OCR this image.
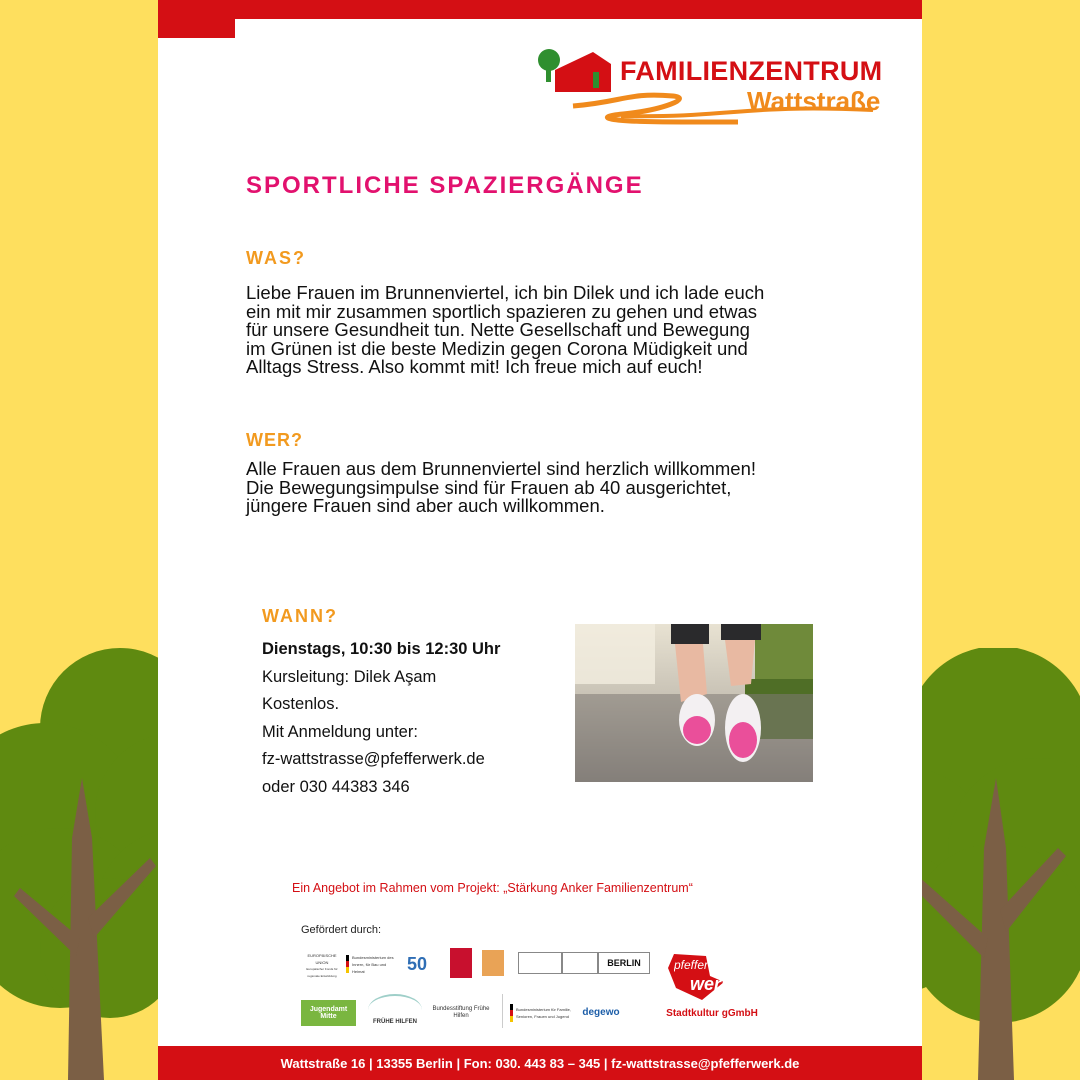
FAMILIENZENTRUM
Wattstraße
SPORTLICHE SPAZIERGÄNGE
WAS?
Liebe Frauen im Brunnenviertel, ich bin Dilek und ich lade euch
ein mit mir zusammen sportlich spazieren zu gehen und etwas
für unsere Gesundheit tun. Nette Gesellschaft und Bewegung
im Grünen ist die beste Medizin gegen Corona Müdigkeit und
Alltags Stress. Also kommt mit! Ich freue mich auf euch!
WER?
Alle Frauen aus dem Brunnenviertel sind herzlich willkommen!
Die Bewegungsimpulse sind für Frauen ab 40 ausgerichtet,
jüngere Frauen sind aber auch willkommen.
WANN?
Dienstags, 10:30 bis 12:30 Uhr
Kursleitung: Dilek Aşam
Kostenlos.
Mit Anmeldung unter:
fz-wattstrasse@pfefferwerk.de
oder 030 44383 346
Ein Angebot im Rahmen vom Projekt: „Stärkung Anker Familienzentrum“
Gefördert durch:
EUROPÄISCHE UNION
Europäischer Fonds für regionale Entwicklung
Bundesministerium des Innern, für Bau und Heimat	50	BERLIN	pfeffer
werk
Stadtkultur gGmbH
Jugendamt Mitte
FRÜHE HILFEN
Bundesstiftung Frühe Hilfen
Bundesministerium für Familie, Senioren, Frauen und Jugend	degewo
Wattstraße 16 | 13355 Berlin | Fon: 030. 443 83 – 345 | fz-wattstrasse@pfefferwerk.de
